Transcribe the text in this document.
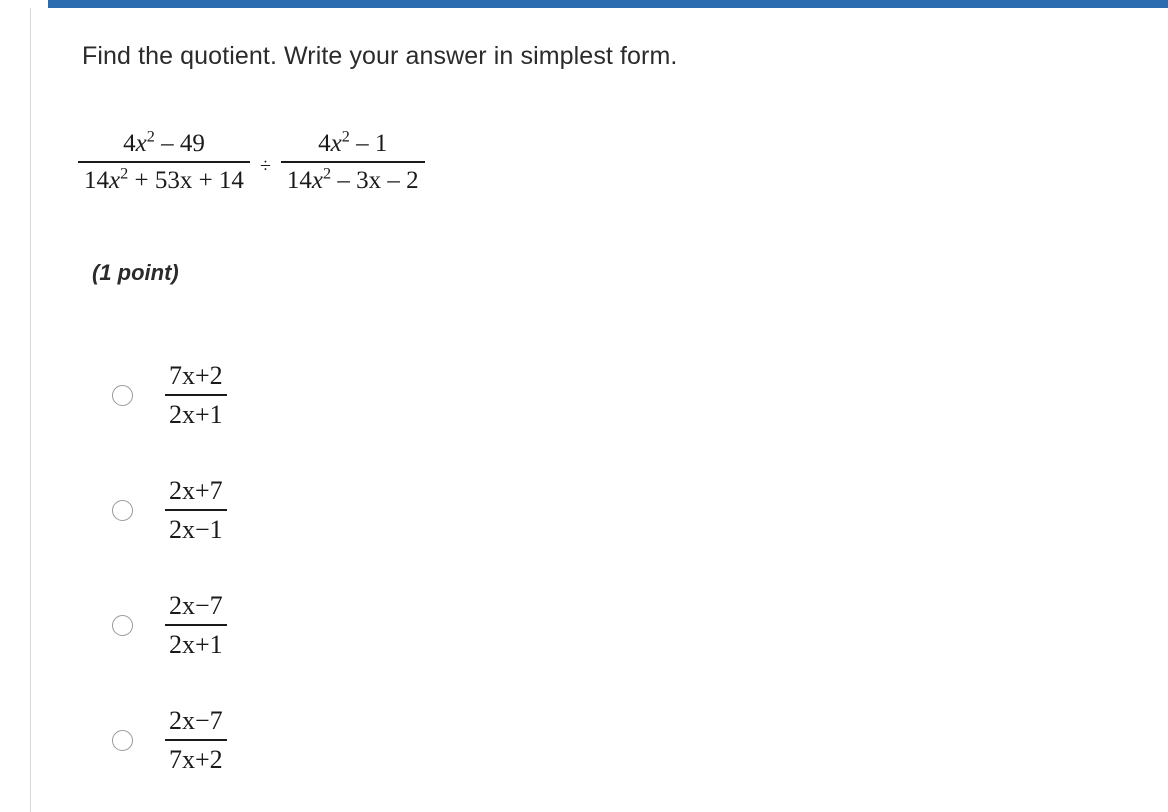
Find the quotient. Write your answer in simplest form.
$\frac{4x^2 - 49}{14x^2 + 53x + 14} \div \frac{4x^2 - 1}{14x^2 - 3x - 2}$
(1 point)
$\frac{7x+2}{2x+1}$
$\frac{2x+7}{2x-1}$
$\frac{2x-7}{2x+1}$
$\frac{2x-7}{7x+2}$
